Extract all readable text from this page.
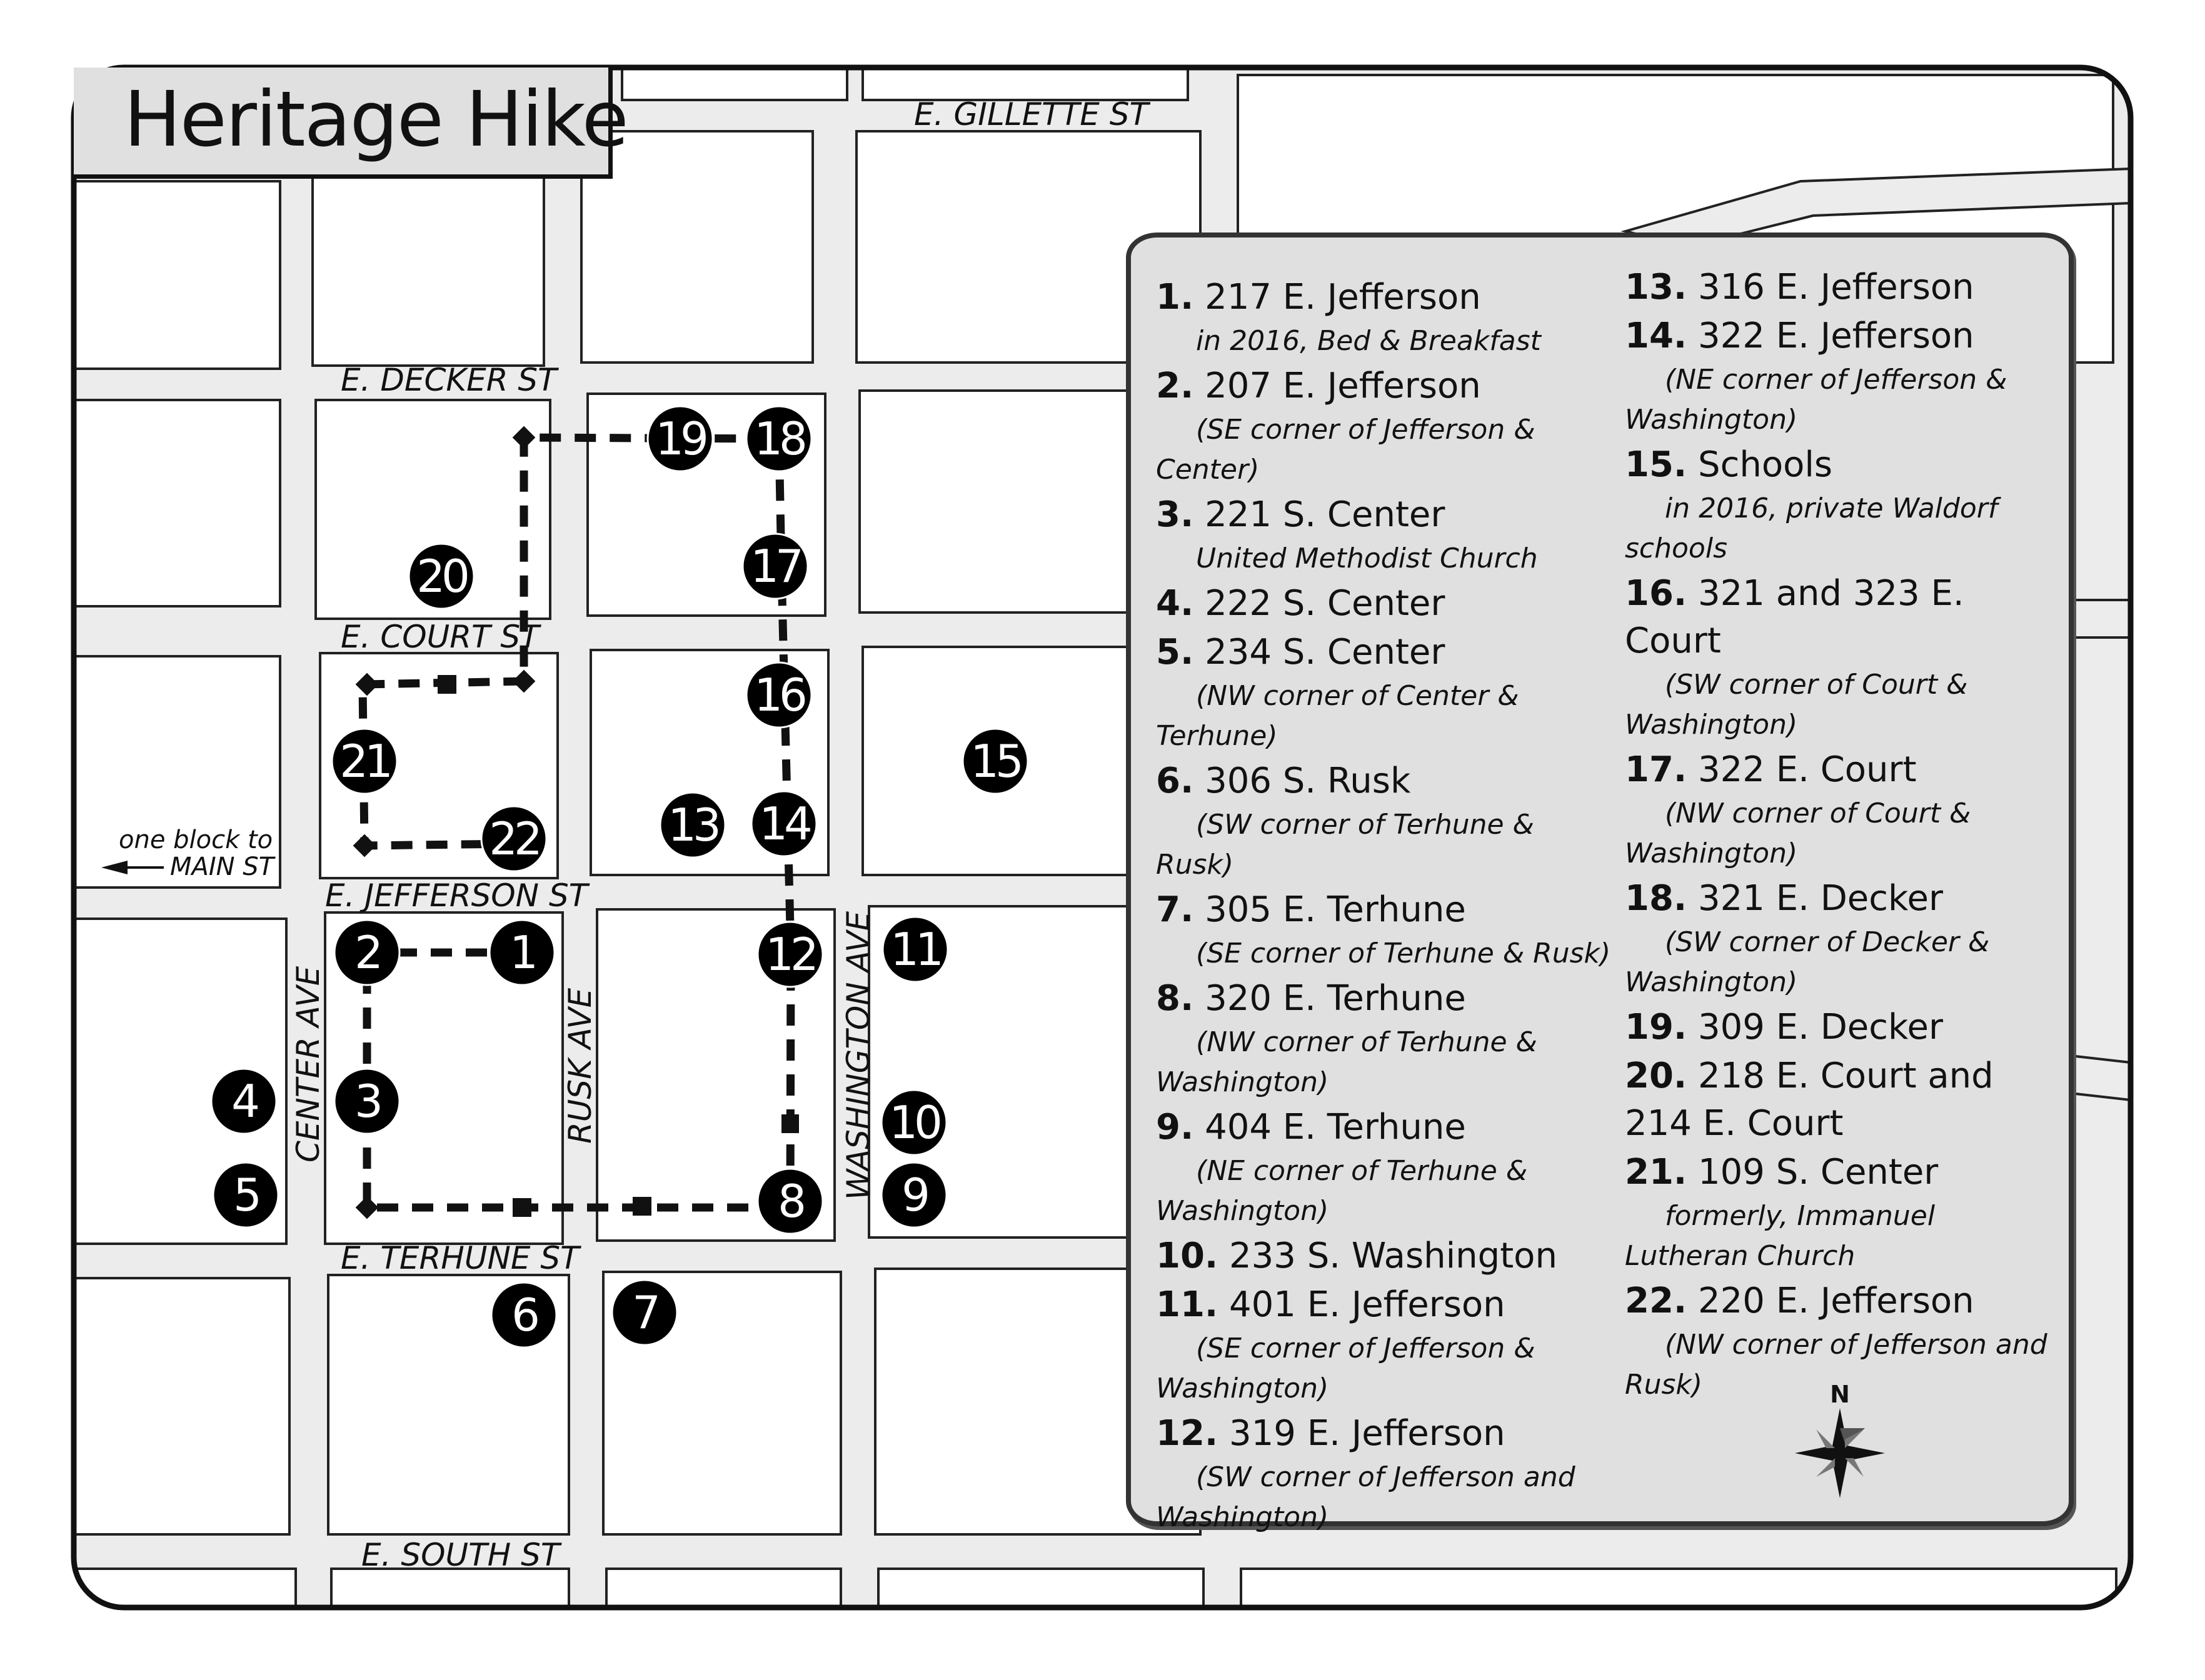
E. GILLETTE ST
E. DECKER ST
E. COURT ST
E. JEFFERSON ST
E. TERHUNE ST
E. SOUTH ST
CENTER AVE	RUSK AVE	WASHINGTON AVE
one block to
MAIN ST
1
2
3
4
5
6 7
8 9
10
11
12
13 14
15
16
17
18
19
20
21
22
Heritage Hike
1. 217 E. Jefferson
in 2016, Bed & Breakfast
2. 207 E. Jefferson
(SE corner of Jefferson & Center)
3. 221 S. Center
United Methodist Church
4. 222 S. Center
5. 234 S. Center
(NW corner of Center & Terhune)
6. 306 S. Rusk
(SW corner of Terhune & Rusk)
7. 305 E. Terhune
(SE corner of Terhune & Rusk)
8. 320 E. Terhune
(NW corner of Terhune & Washington)
9. 404 E. Terhune
(NE corner of Terhune & Washington)
10. 233 S. Washington
11. 401 E. Jefferson
(SE corner of Jefferson & Washington)
12. 319 E. Jefferson
(SW corner of Jefferson and Washington)
13. 316 E. Jefferson
14. 322 E. Jefferson
(NE corner of Jefferson & Washington)
15. Schools
in 2016, private Waldorf schools
16. 321 and 323 E. Court
(SW corner of Court & Washington)
17. 322 E. Court
(NW corner of Court & Washington)
18. 321 E. Decker
(SW corner of Decker & Washington)
19. 309 E. Decker
20. 218 E. Court and 214 E. Court
21. 109 S. Center
formerly, Immanuel Lutheran Church
22. 220 E. Jefferson
(NW corner of Jefferson and Rusk)	N
